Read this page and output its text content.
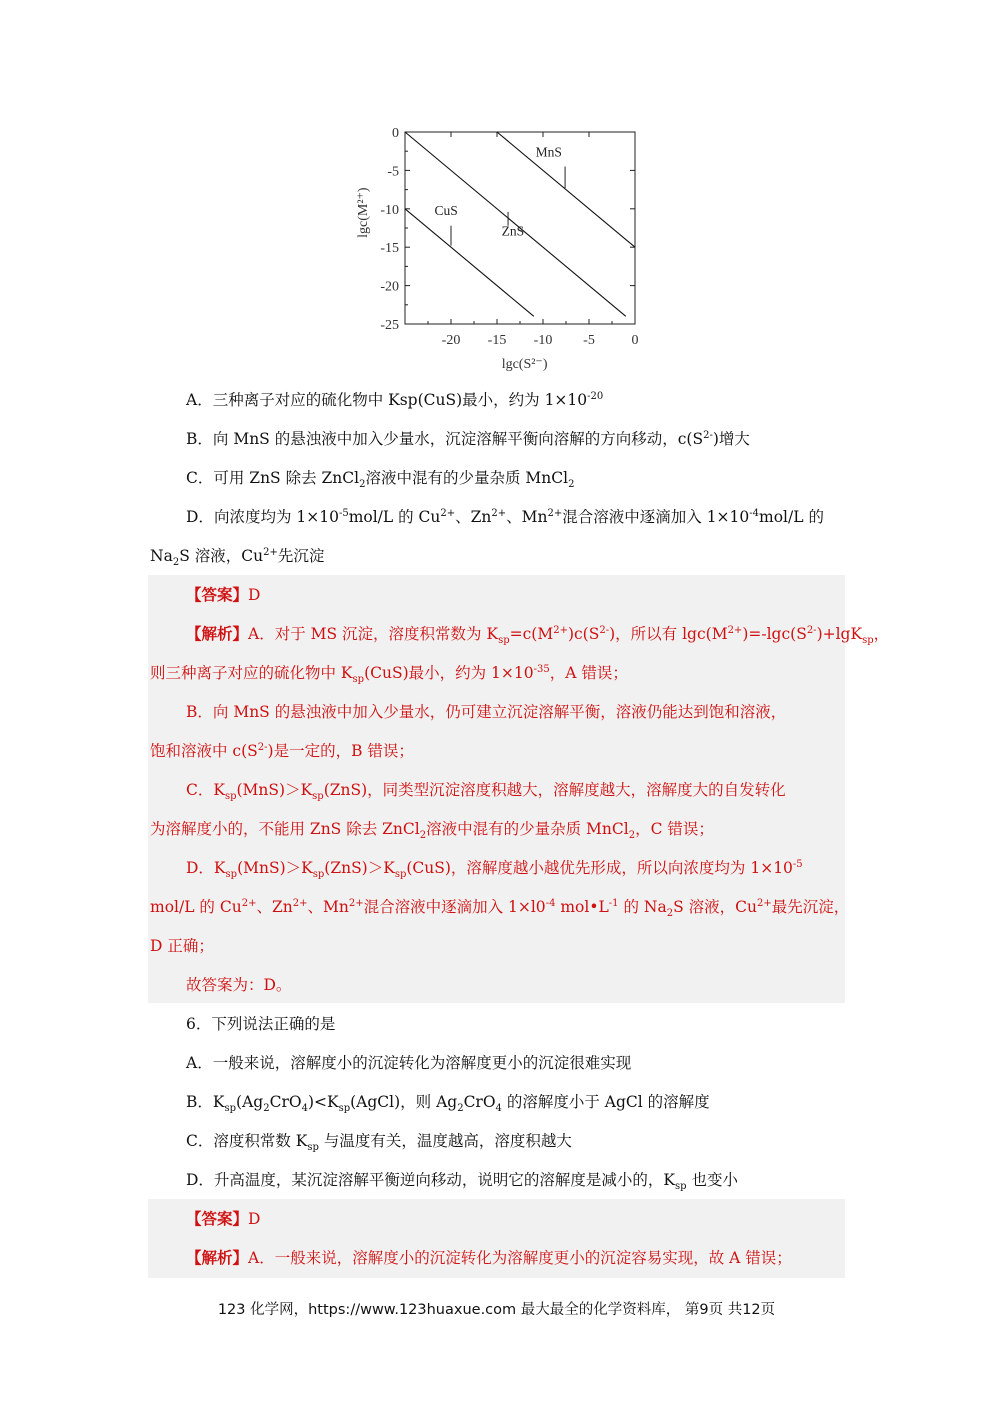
-20 -15 -10 -5	0
0
-5
-10
-15
-20
-25
MnS
ZnS
CuS
lgc(S²⁻)
lgc(M²⁺)
A．三种离子对应的硫化物中 Ksp(CuS)最小，约为 $1\times 10^{-20}$
B．向 MnS 的悬浊液中加入少量水，沉淀溶解平衡向溶解的方向移动，$c(S^{2-})$增大
C．可用 ZnS 除去 ZnCl$_2$溶液中混有的少量杂质 MnCl$_2$
D．向浓度均为 $1\times 10^{-5}mol/L$ 的 $Cu^{2+}$、$Zn^{2+}$、$Mn^{2+}$混合溶液中逐滴加入 $1\times 10^{-4}mol/L$ 的
$Na_2S$ 溶液，$Cu^{2+}$先沉淀
【答案】D
【解析】A．对于 MS 沉淀，溶度积常数为 $K_{sp}=c(M^{2+})c(S^{2-})$，所以有 $\lg c(M^{2+})=-\lg c(S^{2-})+\lg K_{sp}$，
则三种离子对应的硫化物中 $K_{sp}(CuS)$最小，约为 $1\times 10^{-35}$，A 错误；
B．向 MnS 的悬浊液中加入少量水，仍可建立沉淀溶解平衡，溶液仍能达到饱和溶液，
饱和溶液中 $c(S^{2-})$是一定的，B 错误；
C．$K_{sp}(MnS)>K_{sp}(ZnS)$，同类型沉淀溶度积越大，溶解度越大，溶解度大的自发转化
为溶解度小的，不能用 ZnS 除去 ZnCl$_2$溶液中混有的少量杂质 MnCl$_2$，C 错误；
D．$K_{sp}(MnS)>K_{sp}(ZnS)>K_{sp}(CuS)$，溶解度越小越优先形成，所以向浓度均为 $1\times 10^{-5}$
mol/L 的 $Cu^{2+}$、$Zn^{2+}$、$Mn^{2+}$混合溶液中逐滴加入 $1\times l0^{-4}$ $mol•L^{-1}$ 的 $Na_2S$ 溶液，$Cu^{2+}$最先沉淀，
D 正确；
故答案为：D。
6．下列说法正确的是
A．一般来说，溶解度小的沉淀转化为溶解度更小的沉淀很难实现
B．$K_{sp}(Ag_2CrO_4)<K_{sp}(AgCl)$，则 $Ag_2CrO_4$ 的溶解度小于 AgCl 的溶解度
C．溶度积常数 $K_{sp}$ 与温度有关，温度越高，溶度积越大
D．升高温度，某沉淀溶解平衡逆向移动，说明它的溶解度是减小的，$K_{sp}$ 也变小
【答案】D
【解析】A．一般来说，溶解度小的沉淀转化为溶解度更小的沉淀容易实现，故 A 错误；
123 化学网，https://www.123huaxue.com 最大最全的化学资料库， 第9页 共12页
